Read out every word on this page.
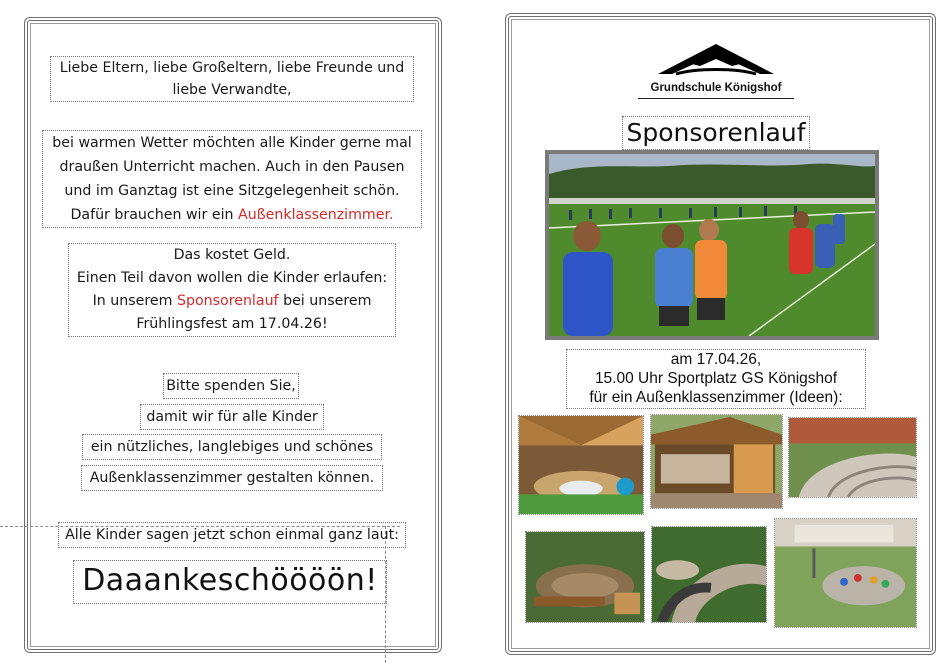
Liebe Eltern, liebe Großeltern, liebe Freunde und
liebe Verwandte,
bei warmen Wetter möchten alle Kinder gerne mal
draußen Unterricht machen. Auch in den Pausen
und im Ganztag ist eine Sitzgelegenheit schön.
Dafür brauchen wir ein Außenklassenzimmer.
Das kostet Geld.
Einen Teil davon wollen die Kinder erlaufen:
In unserem Sponsorenlauf bei unserem
Frühlingsfest am 17.04.26!
Bitte spenden Sie,
damit wir für alle Kinder
ein nützliches, langlebiges und schönes
Außenklassenzimmer gestalten können.
Alle Kinder sagen jetzt schon einmal ganz laut:
Daaankeschöööön!
Grundschule Königshof
Sponsorenlauf
am 17.04.26,
15.00 Uhr Sportplatz GS Königshof
für ein Außenklassenzimmer (Ideen):
